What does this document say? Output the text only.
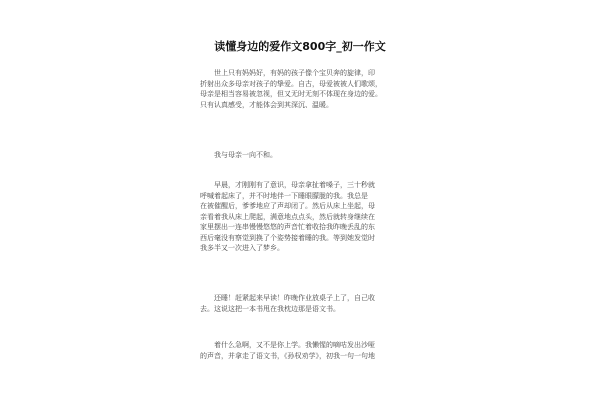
读懂身边的爱作文800字_初一作文
世上只有妈妈好，有妈的孩子像个宝贝奔的旋律，印
折射出众多母亲对孩子的挚爱。自古，母爱被被人们歌颂，
母亲是相当容易被忽视，但又无时无刻不体现在身边的爱。
只有认真感受，才能体会到其深沉、温暖。
我与母亲一向不和。
早晨，才刚刚有了意识，母亲拿扯着嗓子，三十秒就
呼喊着起床了，并不时地伴一下睡眼朦胧的我。我总是
在被催醒后，爹爹地应了声却闭了。然后从床上坐起，母
亲看着我从床上爬起，满意地点点头，然后就转身继续在
家里摆出一连串慢慢悠悠的声音忙着收拾我昨晚丢乱的东
西后毫没有察觉到换了个姿势接着睡的我。等到她发觉时
我多半又一次进入了梦乡。
还睡！赶紧起来早读！昨晚作业放桌子上了，自己收
去。这说这把一本书甩在我枕边那是语文书。
着什么急啊，又不是你上学。我懒惺的嘀咕发出沙哑
的声音，并拿走了语文书，《孙权劝学》，初我一句一句地
